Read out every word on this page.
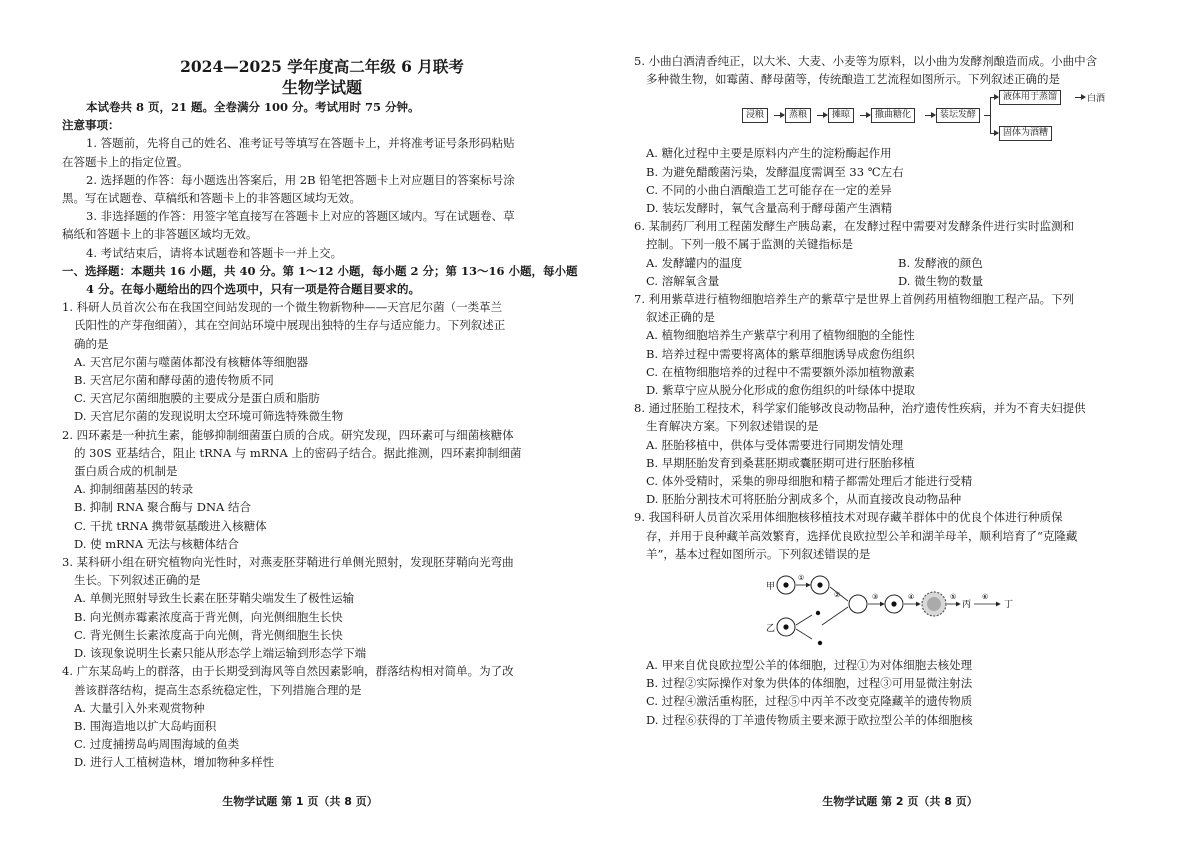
2024—2025 学年度高二年级 6 月联考
生物学试题
本试卷共 8 页，21 题。全卷满分 100 分。考试用时 75 分钟。
注意事项：
1. 答题前，先将自己的姓名、准考证号等填写在答题卡上，并将准考证号条形码粘贴
在答题卡上的指定位置。
2. 选择题的作答：每小题选出答案后，用 2B 铅笔把答题卡上对应题目的答案标号涂
黑。写在试题卷、草稿纸和答题卡上的非答题区域均无效。
3. 非选择题的作答：用签字笔直接写在答题卡上对应的答题区域内。写在试题卷、草
稿纸和答题卡上的非答题区域均无效。
4. 考试结束后，请将本试题卷和答题卡一并上交。
一、选择题：本题共 16 小题，共 40 分。第 1～12 小题，每小题 2 分；第 13～16 小题，每小题
4 分。在每小题给出的四个选项中，只有一项是符合题目要求的。
1. 科研人员首次公布在我国空间站发现的一个微生物新物种——天宫尼尔菌（一类革兰
氏阳性的产芽孢细菌），其在空间站环境中展现出独特的生存与适应能力。下列叙述正
确的是
A. 天宫尼尔菌与噬菌体都没有核糖体等细胞器
B. 天宫尼尔菌和酵母菌的遗传物质不同
C. 天宫尼尔菌细胞膜的主要成分是蛋白质和脂肪
D. 天宫尼尔菌的发现说明太空环境可筛选特殊微生物
2. 四环素是一种抗生素，能够抑制细菌蛋白质的合成。研究发现，四环素可与细菌核糖体
的 30S 亚基结合，阻止 tRNA 与 mRNA 上的密码子结合。据此推测，四环素抑制细菌
蛋白质合成的机制是
A. 抑制细菌基因的转录
B. 抑制 RNA 聚合酶与 DNA 结合
C. 干扰 tRNA 携带氨基酸进入核糖体
D. 使 mRNA 无法与核糖体结合
3. 某科研小组在研究植物向光性时，对燕麦胚芽鞘进行单侧光照射，发现胚芽鞘向光弯曲
生长。下列叙述正确的是
A. 单侧光照射导致生长素在胚芽鞘尖端发生了极性运输
B. 向光侧赤霉素浓度高于背光侧，向光侧细胞生长快
C. 背光侧生长素浓度高于向光侧，背光侧细胞生长快
D. 该现象说明生长素只能从形态学上端运输到形态学下端
4. 广东某岛屿上的群落，由于长期受到海风等自然因素影响，群落结构相对简单。为了改
善该群落结构，提高生态系统稳定性，下列措施合理的是
A. 大量引入外来观赏物种
B. 围海造地以扩大岛屿面积
C. 过度捕捞岛屿周围海域的鱼类
D. 进行人工植树造林，增加物种多样性
生物学试题 第 1 页（共 8 页）
5. 小曲白酒清香纯正，以大米、大麦、小麦等为原料，以小曲为发酵剂酿造而成。小曲中含
多种微生物，如霉菌、酵母菌等，传统酿造工艺流程如图所示。下列叙述正确的是
浸粮	蒸粮	摊晾	撒曲糖化	装坛发酵
液体用于蒸馏	白酒
固体为酒糟
A. 糖化过程中主要是原料内产生的淀粉酶起作用
B. 为避免醋酸菌污染，发酵温度需调至 33 ℃左右
C. 不同的小曲白酒酿造工艺可能存在一定的差异
D. 装坛发酵时，氧气含量高利于酵母菌产生酒精
6. 某制药厂利用工程菌发酵生产胰岛素，在发酵过程中需要对发酵条件进行实时监测和
控制。下列一般不属于监测的关键指标是
A. 发酵罐内的温度	B. 发酵液的颜色
C. 溶解氧含量	D. 微生物的数量
7. 利用紫草进行植物细胞培养生产的紫草宁是世界上首例药用植物细胞工程产品。下列
叙述正确的是
A. 植物细胞培养生产紫草宁利用了植物细胞的全能性
B. 培养过程中需要将离体的紫草细胞诱导成愈伤组织
C. 在植物细胞培养的过程中不需要额外添加植物激素
D. 紫草宁应从脱分化形成的愈伤组织的叶绿体中提取
8. 通过胚胎工程技术，科学家们能够改良动物品种，治疗遗传性疾病，并为不育夫妇提供
生育解决方案。下列叙述错误的是
A. 胚胎移植中，供体与受体需要进行同期发情处理
B. 早期胚胎发育到桑葚胚期或囊胚期可进行胚胎移植
C. 体外受精时，采集的卵母细胞和精子都需处理后才能进行受精
D. 胚胎分割技术可将胚胎分割成多个，从而直接改良动物品种
9. 我国科研人员首次采用体细胞核移植技术对现存藏羊群体中的优良个体进行种质保
存，并用于良种藏羊高效繁育，选择优良欧拉型公羊和湖羊母羊，顺利培育了“克隆藏
羊”，基本过程如图所示。下列叙述错误的是
甲
①
乙
②	③	④	⑤
丙
⑥
丁
A. 甲来自优良欧拉型公羊的体细胞，过程①为对体细胞去核处理
B. 过程②实际操作对象为供体的体细胞，过程③可用显微注射法
C. 过程④激活重构胚，过程⑤中丙羊不改变克隆藏羊的遗传物质
D. 过程⑥获得的丁羊遗传物质主要来源于欧拉型公羊的体细胞核
生物学试题 第 2 页（共 8 页）
